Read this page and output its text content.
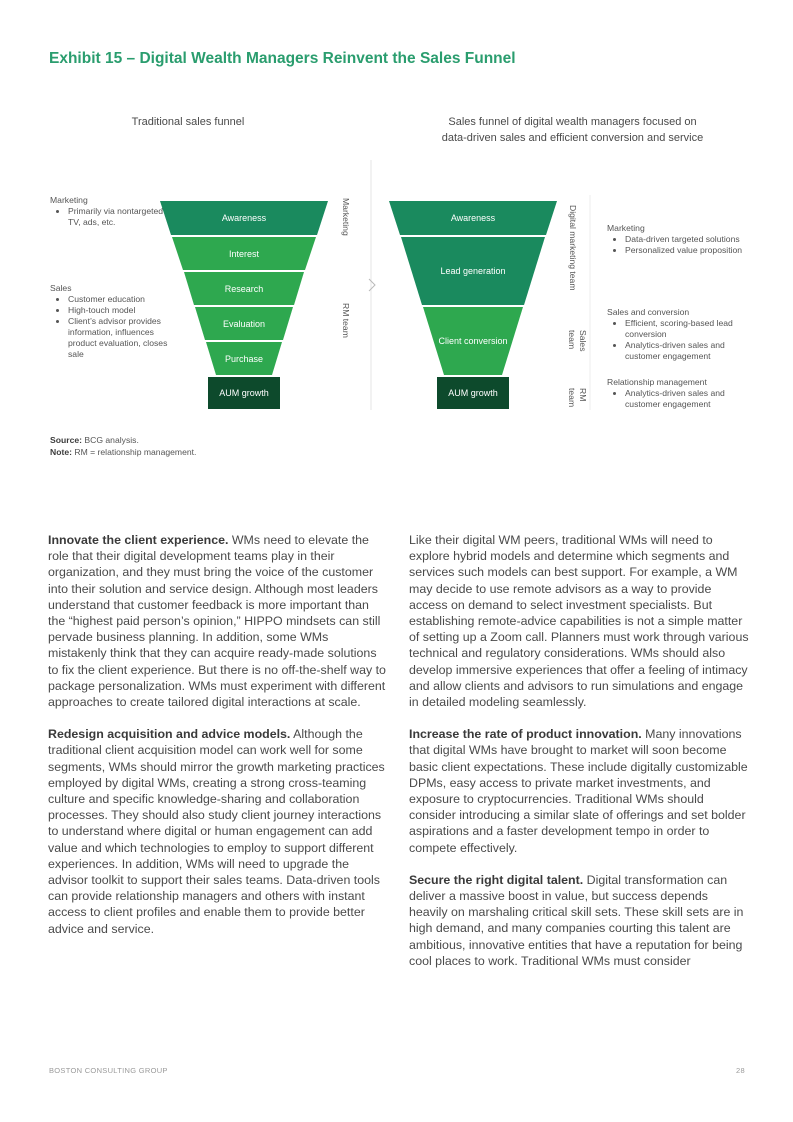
Exhibit 15 – Digital Wealth Managers Reinvent the Sales Funnel
Traditional sales funnel	Sales funnel of digital wealth managers focused on
data-driven sales and efficient conversion and service
Marketing
• Primarily via nontargeted TV, ads, etc.
Sales
• Customer education
• High-touch model
• Client’s advisor provides information, influences product evaluation, closes sale
Awareness
Interest
Research
Evaluation
Purchase
AUM growth
Awareness
Lead generation
Client conversion
AUM growth
Marketing
RM team
Digital marketing team
Sales team
RM team
Marketing
• Data-driven targeted solutions
• Personalized value proposition
Sales and conversion
• Efficient, scoring-based lead conversion
• Analytics-driven sales and customer engagement
Relationship management
• Analytics-driven sales and customer engagement
Source: BCG analysis.
Note: RM = relationship management.

Innovate the client experience. WMs need to elevate the role that their digital development teams play in their organization, and they must bring the voice of the customer into their solution and service design. Although most leaders understand that customer feedback is more important than the “highest paid person’s opinion,” HIPPO mindsets can still pervade business planning. In addition, some WMs mistakenly think that they can acquire ready-made solutions to fix the client experience. But there is no off-the-shelf way to package personalization. WMs must experiment with different approaches to create tailored digital interactions at scale.

Redesign acquisition and advice models. Although the traditional client acquisition model can work well for some segments, WMs should mirror the growth marketing practices employed by digital WMs, creating a strong cross-teaming culture and specific knowledge-sharing and collaboration processes. They should also study client journey interactions to understand where digital or human engagement can add value and which technologies to employ to support different experiences. In addition, WMs will need to upgrade the advisor toolkit to support their sales teams. Data-driven tools can provide relationship managers and others with instant access to client profiles and enable them to provide better advice and service.

Like their digital WM peers, traditional WMs will need to explore hybrid models and determine which segments and services such models can best support. For example, a WM may decide to use remote advisors as a way to provide access on demand to select investment specialists. But establishing remote-advice capabilities is not a simple matter of setting up a Zoom call. Planners must work through various technical and regulatory considerations. WMs should also develop immersive experiences that offer a feeling of intimacy and allow clients and advisors to run simulations and engage in detailed modeling seamlessly.

Increase the rate of product innovation. Many innovations that digital WMs have brought to market will soon become basic client expectations. These include digitally customizable DPMs, easy access to private market investments, and exposure to cryptocurrencies. Traditional WMs should consider introducing a similar slate of offerings and set bolder aspirations and a faster development tempo in order to compete effectively.

Secure the right digital talent. Digital transformation can deliver a massive boost in value, but success depends heavily on marshaling critical skill sets. These skill sets are in high demand, and many companies courting this talent are ambitious, innovative entities that have a reputation for being cool places to work. Traditional WMs must consider

BOSTON CONSULTING GROUP	28
